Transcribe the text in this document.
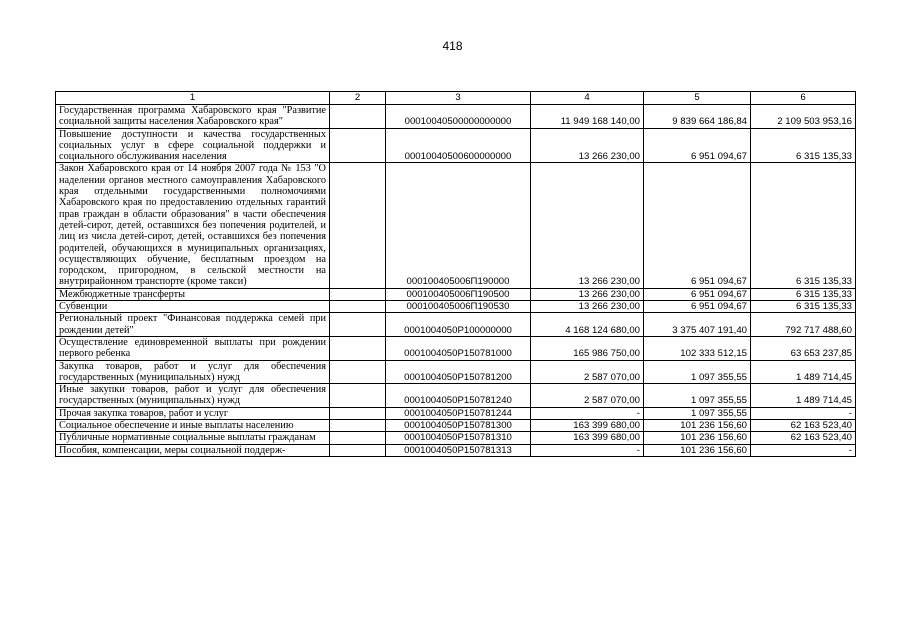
418
1	2	3	4	5	6
Государственная программа Хабаровского края "Развитие социальной защиты населения Хабаровского края"		00010040500000000000	11 949 168 140,00	9 839 664 186,84	2 109 503 953,16
Повышение доступности и качества государственных социальных услуг в сфере социальной поддержки и социального обслуживания населения		00010040500600000000	13 266 230,00	6 951 094,67	6 315 135,33
Закон Хабаровского края от 14 ноября 2007 года № 153 "О наделении органов местного самоуправления Хабаровского края отдельными государственными полномочиями Хабаровского края по предоставлению отдельных гарантий прав граждан в области образования" в части обеспечения детей-сирот, детей, оставшихся без попечения родителей, и лиц из числа детей-сирот, детей, оставшихся без попечения родителей, обучающихся в муниципальных организациях, осуществляющих обучение, бесплатным проездом на городском, пригородном, в сельской местности на внутрирайонном транспорте (кроме такси)		000100405006П190000	13 266 230,00	6 951 094,67	6 315 135,33
Межбюджетные трансферты		000100405006П190500	13 266 230,00	6 951 094,67	6 315 135,33
Субвенции		000100405006П190530	13 266 230,00	6 951 094,67	6 315 135,33
Региональный проект "Финансовая поддержка семей при рождении детей"		0001004050P100000000	4 168 124 680,00	3 375 407 191,40	792 717 488,60
Осуществление единовременной выплаты при рождении первого ребенка		0001004050P150781000	165 986 750,00	102 333 512,15	63 653 237,85
Закупка товаров, работ и услуг для обеспечения государственных (муниципальных) нужд		0001004050P150781200	2 587 070,00	1 097 355,55	1 489 714,45
Иные закупки товаров, работ и услуг для обеспечения государственных (муниципальных) нужд		0001004050P150781240	2 587 070,00	1 097 355,55	1 489 714,45
Прочая закупка товаров, работ и услуг		0001004050P150781244	-	1 097 355,55	-
Социальное обеспечение и иные выплаты населению		0001004050P150781300	163 399 680,00	101 236 156,60	62 163 523,40
Публичные нормативные социальные выплаты гражданам		0001004050P150781310	163 399 680,00	101 236 156,60	62 163 523,40
Пособия, компенсации, меры социальной поддерж-		0001004050P150781313	-	101 236 156,60	-
